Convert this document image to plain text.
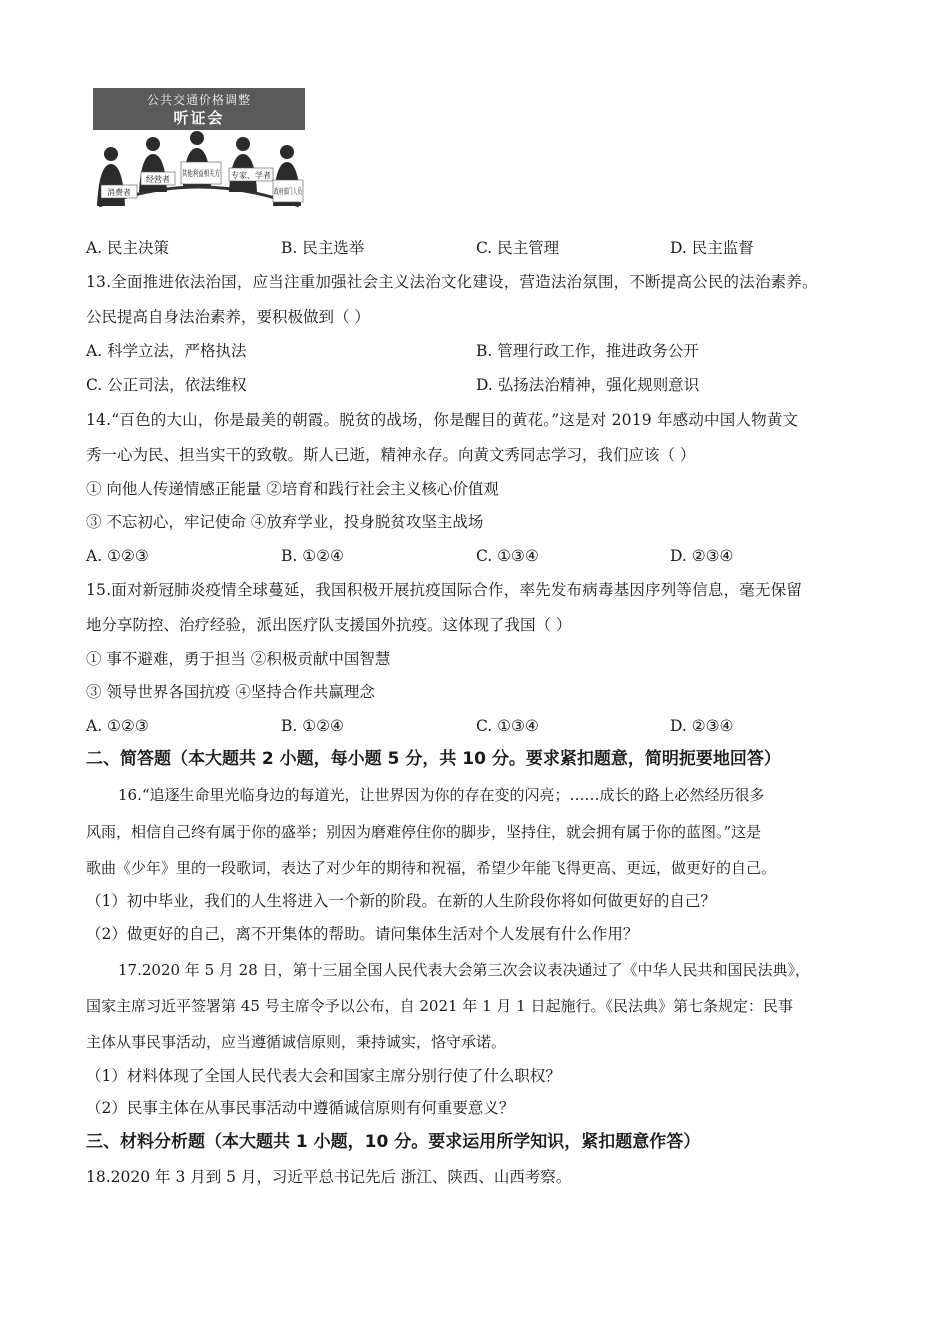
公共交通价格调整
听证会
消费者
经营者
其他利益相关方
专家、学者
政府部门人员
A. 民主决策	B. 民主选举	C. 民主管理	D. 民主监督
13.全面推进依法治国，应当注重加强社会主义法治文化建设，营造法治氛围，不断提高公民的法治素养。
公民提高自身法治素养，要积极做到（ ）
A. 科学立法，严格执法	B. 管理行政工作，推进政务公开
C. 公正司法，依法维权	D. 弘扬法治精神，强化规则意识
14.“百色的大山，你是最美的朝霞。脱贫的战场，你是醒目的黄花。”这是对 2019 年感动中国人物黄文
秀一心为民、担当实干的致敬。斯人已逝，精神永存。向黄文秀同志学习，我们应该（ ）
① 向他人传递情感正能量 ②培育和践行社会主义核心价值观
③ 不忘初心，牢记使命 ④放弃学业，投身脱贫攻坚主战场
A. ①②③	B. ①②④	C. ①③④	D. ②③④
15.面对新冠肺炎疫情全球蔓延，我国积极开展抗疫国际合作，率先发布病毒基因序列等信息，毫无保留
地分享防控、治疗经验，派出医疗队支援国外抗疫。这体现了我国（ ）
① 事不避难，勇于担当 ②积极贡献中国智慧
③ 领导世界各国抗疫 ④坚持合作共赢理念
A. ①②③	B. ①②④	C. ①③④	D. ②③④
二、简答题（本大题共 2 小题，每小题 5 分，共 10 分。要求紧扣题意，简明扼要地回答）
16.“追逐生命里光临身边的每道光，让世界因为你的存在变的闪亮；……成长的路上必然经历很多
风雨，相信自己终有属于你的盛举；别因为磨难停住你的脚步，坚持住，就会拥有属于你的蓝图。”这是
歌曲《少年》里的一段歌词，表达了对少年的期待和祝福，希望少年能飞得更高、更远，做更好的自己。
（1）初中毕业，我们的人生将进入一个新的阶段。在新的人生阶段你将如何做更好的自己？
（2）做更好的自己，离不开集体的帮助。请问集体生活对个人发展有什么作用？
17.2020 年 5 月 28 日，第十三届全国人民代表大会第三次会议表决通过了《中华人民共和国民法典》，
国家主席习近平签署第 45 号主席令予以公布，自 2021 年 1 月 1 日起施行。《民法典》第七条规定：民事
主体从事民事活动，应当遵循诚信原则，秉持诚实，恪守承诺。
（1）材料体现了全国人民代表大会和国家主席分别行使了什么职权？
（2）民事主体在从事民事活动中遵循诚信原则有何重要意义？
三、材料分析题（本大题共 1 小题，10 分。要求运用所学知识，紧扣题意作答）
18.2020 年 3 月到 5 月，习近平总书记先后 浙江、陕西、山西考察。
